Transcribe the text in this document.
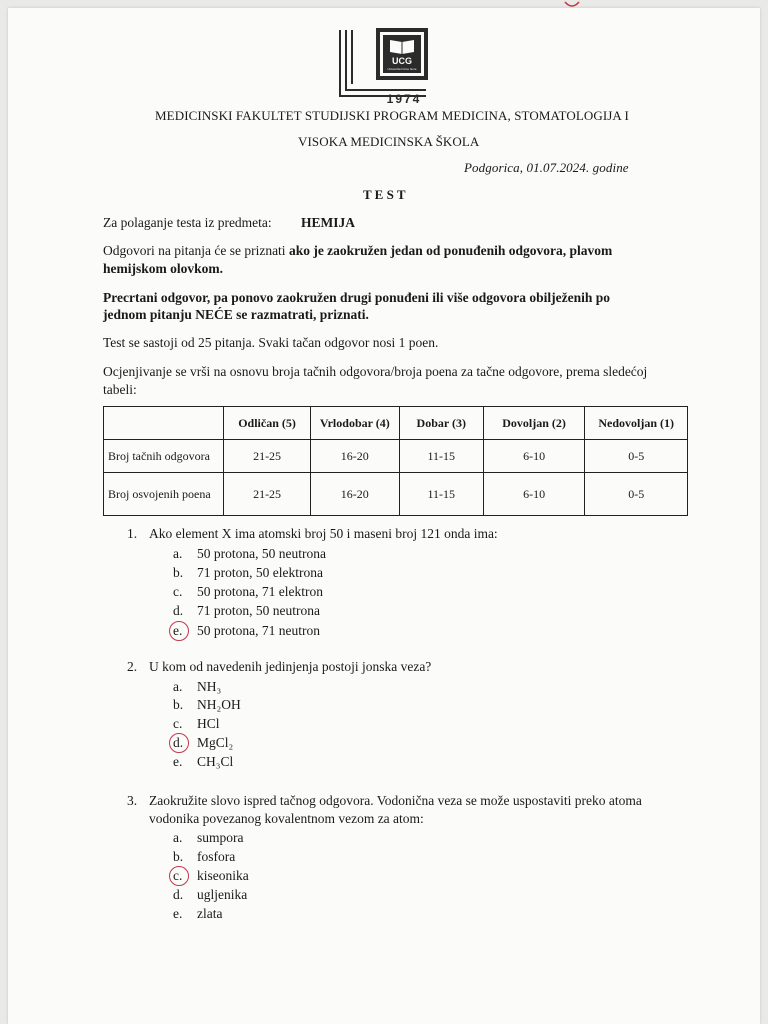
UCG
Univerzitet Crne Gore
1974
MEDICINSKI FAKULTET STUDIJSKI PROGRAM MEDICINA, STOMATOLOGIJA I
VISOKA MEDICINSKA ŠKOLA
Podgorica, 01.07.2024. godine
T E S T
Za polaganje testa iz predmeta: HEMIJA
Odgovori na pitanja će se priznati ako je zaokružen jedan od ponuđenih odgovora, plavom
hemijskom olovkom.
Precrtani odgovor, pa ponovo zaokružen drugi ponuđeni ili više odgovora obilježenih po
jednom pitanju NEĆE se razmatrati, priznati.
Test se sastoji od 25 pitanja. Svaki tačan odgovor nosi 1 poen.
Ocjenjivanje se vrši na osnovu broja tačnih odgovora/broja poena za tačne odgovore, prema sledećoj
tabeli:
	Odličan (5)	Vrlodobar (4)	Dobar (3)	Dovoljan (2)	Nedovoljan (1)
Broj tačnih odgovora	21-25	16-20	11-15	6-10	0-5
Broj osvojenih poena	21-25	16-20	11-15	6-10	0-5
1. Ako element X ima atomski broj 50 i maseni broj 121 onda ima:
a. 50 protona, 50 neutrona
b. 71 proton, 50 elektrona
c. 50 protona, 71 elektron
d. 71 proton, 50 neutrona
e. 50 protona, 71 neutron
2. U kom od navedenih jedinjenja postoji jonska veza?
a. NH₃
b. NH₂OH
c. HCl
d. MgCl₂
e. CH₃Cl
3. Zaokružite slovo ispred tačnog odgovora. Vodonična veza se može uspostaviti preko atoma
vodonika povezanog kovalentnom vezom za atom:
a. sumpora
b. fosfora
c. kiseonika
d. ugljenika
e. zlata
